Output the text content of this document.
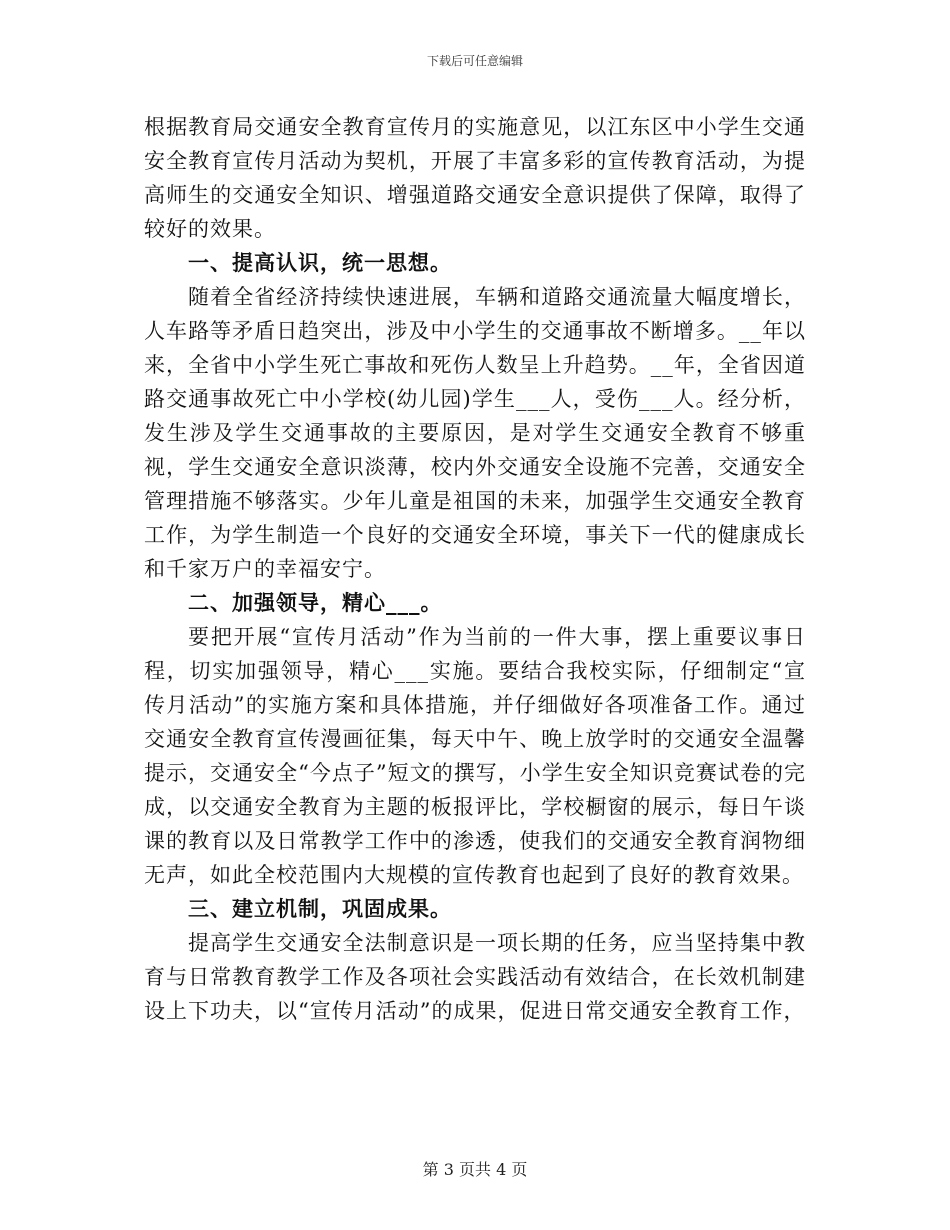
下载后可任意编辑

根据教育局交通安全教育宣传月的实施意见，以江东区中小学生交通安全教育宣传月活动为契机，开展了丰富多彩的宣传教育活动，为提高师生的交通安全知识、增强道路交通安全意识提供了保障，取得了较好的效果。

一、提高认识，统一思想。

随着全省经济持续快速进展，车辆和道路交通流量大幅度增长，人车路等矛盾日趋突出，涉及中小学生的交通事故不断增多。__年以来，全省中小学生死亡事故和死伤人数呈上升趋势。__年，全省因道路交通事故死亡中小学校(幼儿园)学生___人，受伤___人。经分析，发生涉及学生交通事故的主要原因，是对学生交通安全教育不够重视，学生交通安全意识淡薄，校内外交通安全设施不完善，交通安全管理措施不够落实。少年儿童是祖国的未来，加强学生交通安全教育工作，为学生制造一个良好的交通安全环境，事关下一代的健康成长和千家万户的幸福安宁。

二、加强领导，精心___。

要把开展“宣传月活动”作为当前的一件大事，摆上重要议事日程，切实加强领导，精心___实施。要结合我校实际，仔细制定“宣传月活动”的实施方案和具体措施，并仔细做好各项准备工作。通过交通安全教育宣传漫画征集，每天中午、晚上放学时的交通安全温馨提示，交通安全“今点子”短文的撰写，小学生安全知识竞赛试卷的完成，以交通安全教育为主题的板报评比，学校橱窗的展示，每日午谈课的教育以及日常教学工作中的渗透，使我们的交通安全教育润物细无声，如此全校范围内大规模的宣传教育也起到了良好的教育效果。

三、建立机制，巩固成果。

提高学生交通安全法制意识是一项长期的任务，应当坚持集中教育与日常教育教学工作及各项社会实践活动有效结合，在长效机制建设上下功夫，以“宣传月活动”的成果，促进日常交通安全教育工作，

第 3 页共 4 页
